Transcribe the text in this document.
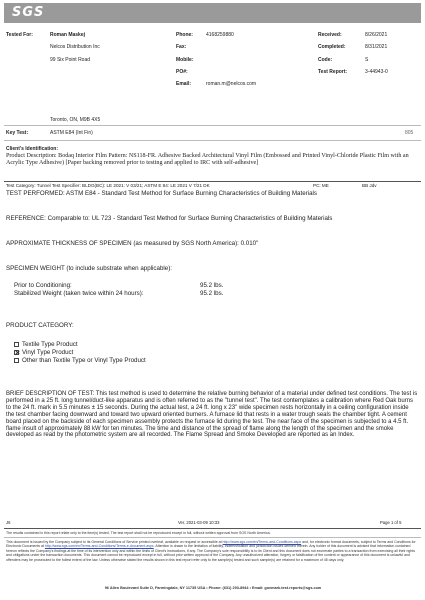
SGS
Tested For:	Roman Maskej
Nelcos Distribution Inc
99 Six Point Road
Toronto, ON, M9B 4X5
Phone:	4168259880
Fax:
Mobile:
PO#:
Email:	roman.m@nelcos.com
Received:	8/26/2021
Completed:	8/31/2021
Code:	S
Test Report:	3-44943-0
Key Test:	ASTM E84 (Int Fin)	805
Client's Identification:
Product Description: Bodaq Interior Film Pattern: NS118-FR. Adhesive Backed Architectural Vinyl Film (Embossed and Printed Vinyl-Chloride Plastic Film with an Acrylic Type Adhesive) [Paper backing removed prior to testing and applied to IRC with self-adhesive]
Test Category: Tunnel Test Specifier: BLDG(BC): LE 2021: V 03/21; ASTM E 84: LE 2021 V 7/21 DK	PC: ME	BB Jdv
TEST PERFORMED: ASTM E84 - Standard Test Method for Surface Burning Characteristics of Building Materials
REFERENCE: Comparable to: UL 723 - Standard Test Method for Surface Burning Characteristics of Building Materials
APPROXIMATE THICKNESS OF SPECIMEN (as measured by SGS North America): 0.010"
SPECIMEN WEIGHT (to include substrate when applicable):
Prior to Conditioning:	95.2 lbs.
Stabilized Weight (taken twice within 24 hours):	95.2 lbs.
PRODUCT CATEGORY:
Textile Type Product
Vinyl Type Product
Other than Textile Type or Vinyl Type Product
BRIEF DESCRIPTION OF TEST: This test method is used to determine the relative burning behavior of a material under defined test conditions. The test is performed in a 25 ft. long tunnel/duct-like apparatus and is often referred to as the "tunnel test". The test contemplates a calibration where Red Oak burns to the 24 ft. mark in 5.5 minutes ± 15 seconds. During the actual test, a 24 ft. long x 23" wide specimen rests horizontally in a ceiling configuration inside the test chamber facing downward and toward two upward oriented burners. A furnace lid that rests in a water trough seals the chamber tight. A cement board placed on the backside of each specimen assembly protects the furnace lid during the test. The near face of the specimen is subjected to a 4.5 ft. flame insult of approximately 88 kW for ten minutes. The time and distance of the spread of flame along the length of the specimen and the smoke developed as read by the photometric system are all recorded. The Flame Spread and Smoke Developed are reported as an Index.
J6	Ver. 2021-03-09 10:33	Page 1 of 5
The results contained in this report relate only to the item(s) tested. The test report shall not be reproduced except in full, without written approval from SGS North America.
This document is issued by the Company subject to its General Conditions of Service printed overleaf, available on request or accessible at http://www.sgs.com/en/Terms-and-Conditions.aspx and, for electronic format documents, subject to Terms and Conditions for Electronic Documents at http://www.sgs.com/en/Terms-and-Conditions/Terms-e-document.aspx. Attention is drawn to the limitation of liability, indemnification and jurisdiction issues defined therein. Any holder of this document is advised that information contained hereon reflects the Company's findings at the time of its intervention only and within the limits of Client's instructions, if any. The Company's sole responsibility is to its Client and this document does not exonerate parties to a transaction from exercising all their rights and obligations under the transaction documents. This document cannot be reproduced except in full, without prior written approval of the Company. Any unauthorized alteration, forgery or falsification of the content or appearance of this document is unlawful and offenders may be prosecuted to the fullest extent of the law. Unless otherwise stated the results shown in this test report refer only to the sample(s) tested and such sample(s) are retained for a maximum of 45 days only.
96 Allen Boulevard Suite D, Farmingdale, NY 11735 USA • Phone: (631) 293-8944 • Email: govmark.test.reports@sgs.com
